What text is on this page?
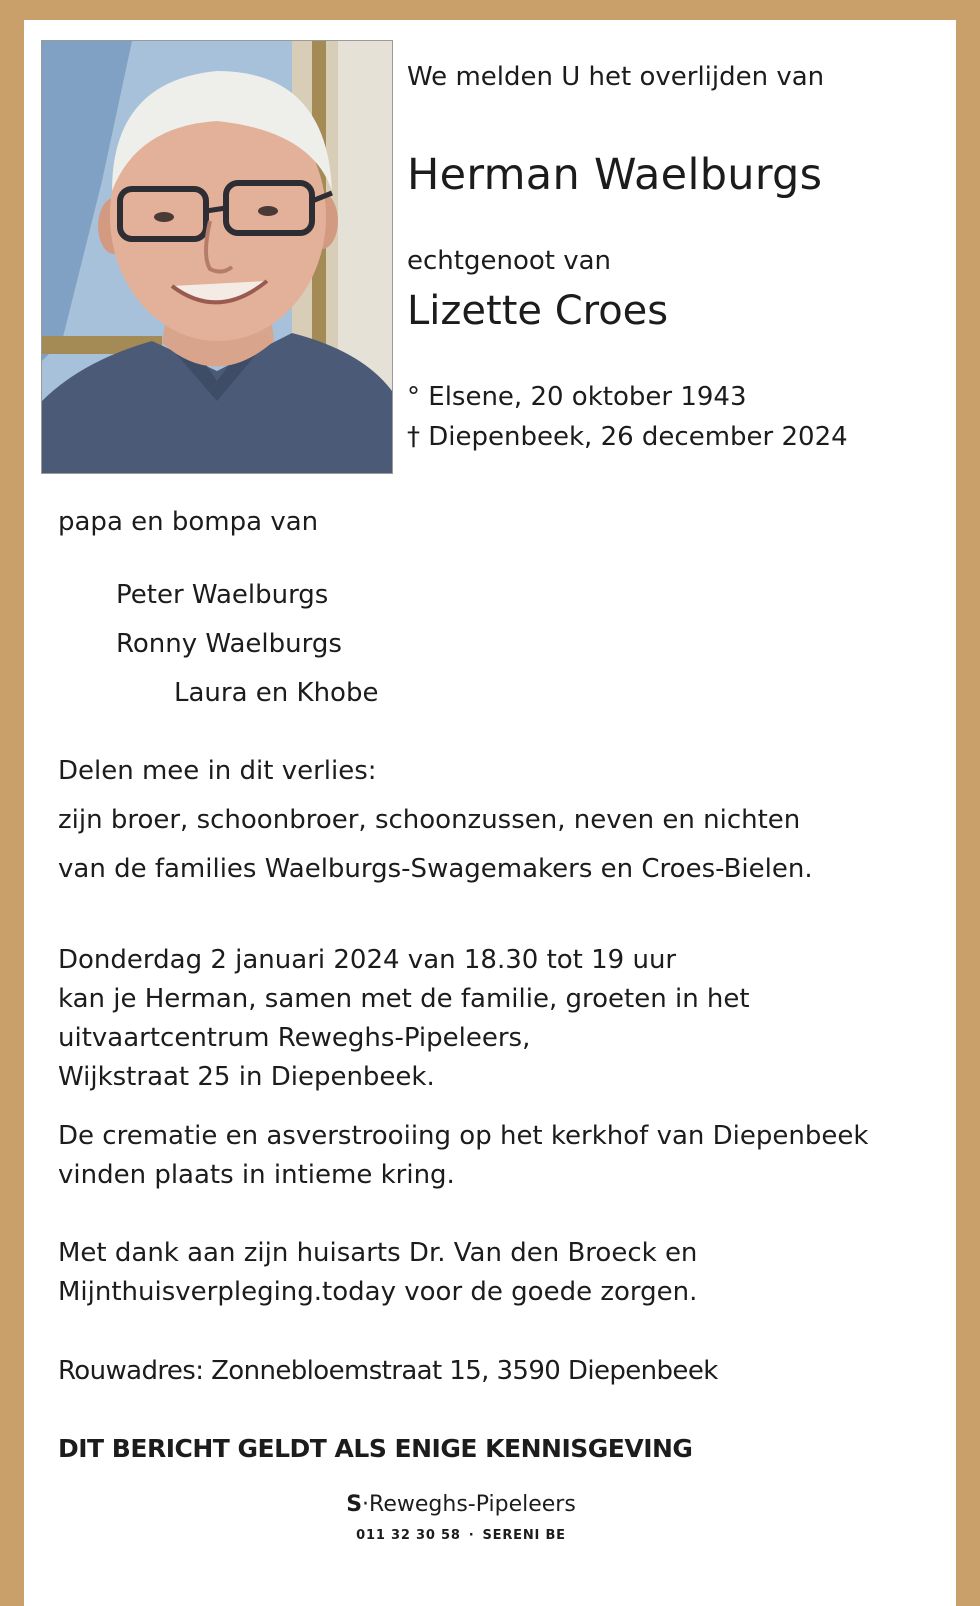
We melden U het overlijden van
Herman Waelburgs
echtgenoot van
Lizette Croes
° Elsene, 20 oktober 1943
† Diepenbeek, 26 december 2024
papa en bompa van
Peter Waelburgs
Ronny Waelburgs
Laura en Khobe
Delen mee in dit verlies:
zijn broer, schoonbroer, schoonzussen, neven en nichten
van de families Waelburgs-Swagemakers en Croes-Bielen.
Donderdag 2 januari 2024 van 18.30 tot 19 uur
kan je Herman, samen met de familie, groeten in het
uitvaartcentrum Reweghs-Pipeleers,
Wijkstraat 25 in Diepenbeek.
De crematie en asverstrooiing op het kerkhof van Diepenbeek
vinden plaats in intieme kring.
Met dank aan zijn huisarts Dr. Van den Broeck en
Mijnthuisverpleging.today voor de goede zorgen.
Rouwadres: Zonnebloemstraat 15, 3590 Diepenbeek
DIT BERICHT GELDT ALS ENIGE KENNISGEVING
S·Reweghs-Pipeleers
011 32 30 58 · SERENI BE
